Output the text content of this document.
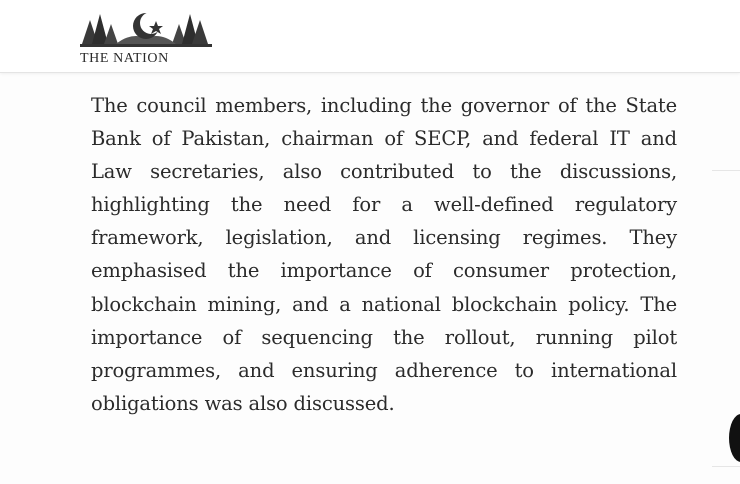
THE NATION

The council members, including the governor of the State Bank of Pakistan, chairman of SECP, and federal IT and Law secretaries, also contributed to the discussions, highlighting the need for a well-defined regulatory framework, legislation, and licensing regimes. They emphasised the importance of consumer protection, blockchain mining, and a national blockchain policy. The importance of sequencing the rollout, running pilot programmes, and ensuring adherence to international obligations was also discussed.
